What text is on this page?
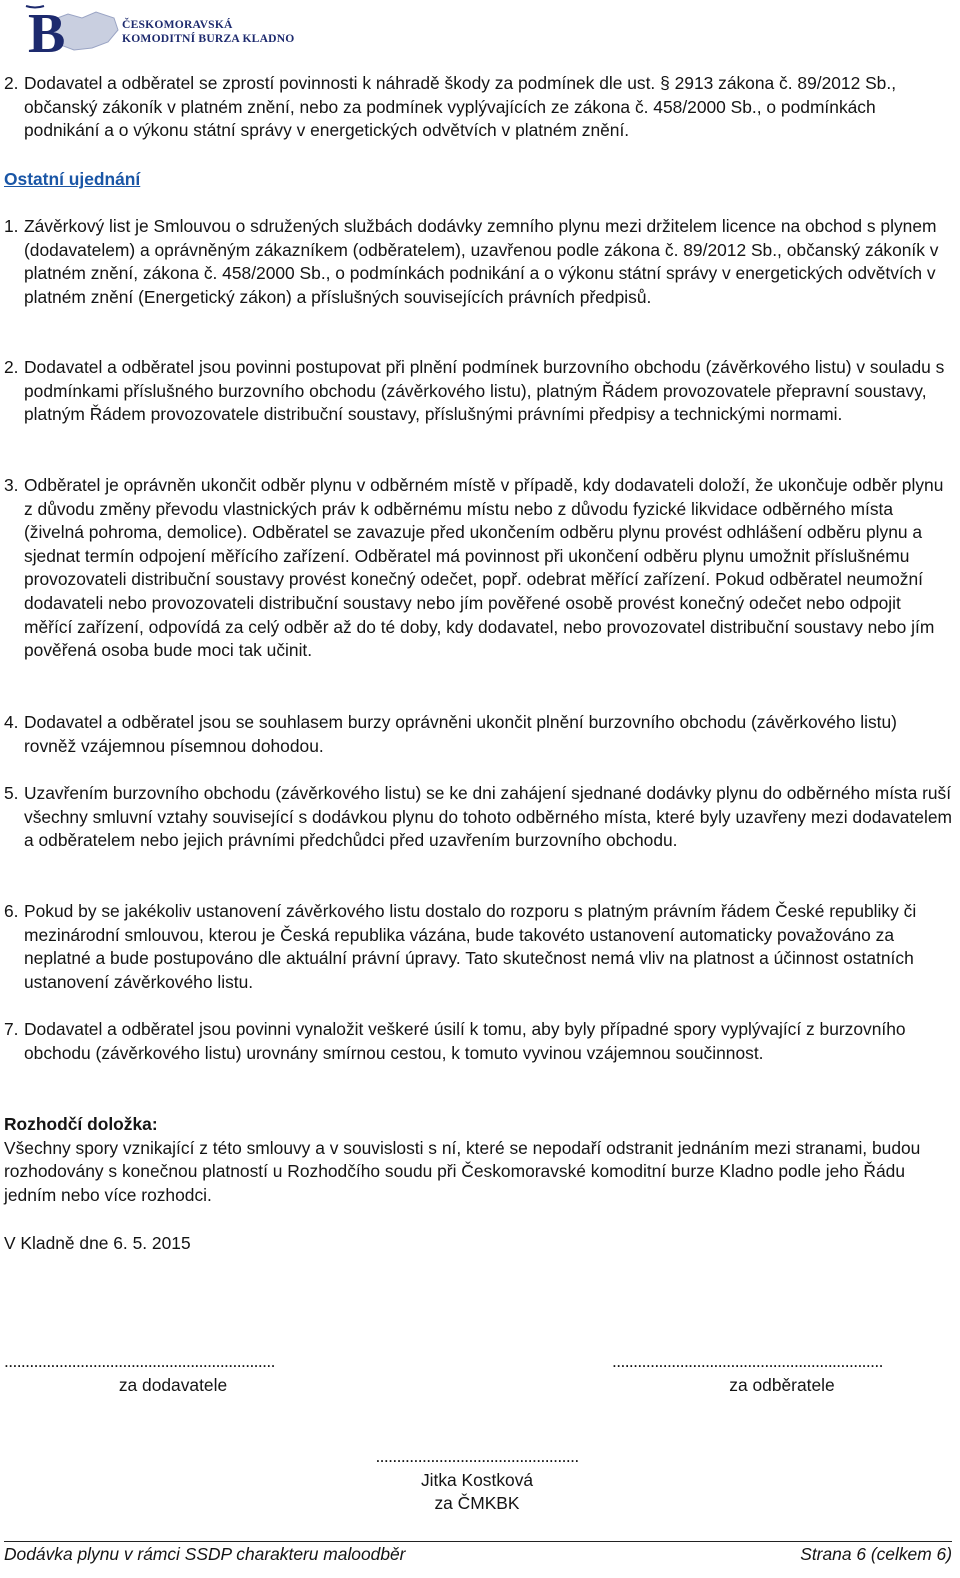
B	ČESKOMORAVSKÁ
KOMODITNÍ BURZA KLADNO
2. Dodavatel a odběratel se zprostí povinnosti k náhradě škody za podmínek dle ust. § 2913 zákona č. 89/2012 Sb., občanský zákoník v platném znění, nebo za podmínek vyplývajících ze zákona č. 458/2000 Sb., o podmínkách podnikání a o výkonu státní správy v energetických odvětvích v platném znění.
Ostatní ujednání
1. Závěrkový list je Smlouvou o sdružených službách dodávky zemního plynu mezi držitelem licence na obchod s plynem (dodavatelem) a oprávněným zákazníkem (odběratelem), uzavřenou podle zákona č. 89/2012 Sb., občanský zákoník v platném znění, zákona č. 458/2000 Sb., o podmínkách podnikání a o výkonu státní správy v energetických odvětvích v platném znění (Energetický zákon) a příslušných souvisejících právních předpisů.
2. Dodavatel a odběratel jsou povinni postupovat při plnění podmínek burzovního obchodu (závěrkového listu) v souladu s podmínkami příslušného burzovního obchodu (závěrkového listu), platným Řádem provozovatele přepravní soustavy, platným Řádem provozovatele distribuční soustavy, příslušnými právními předpisy a technickými normami.
3. Odběratel je oprávněn ukončit odběr plynu v odběrném místě v případě, kdy dodavateli doloží, že ukončuje odběr plynu z důvodu změny převodu vlastnických práv k odběrnému místu nebo z důvodu fyzické likvidace odběrného místa (živelná pohroma, demolice). Odběratel se zavazuje před ukončením odběru plynu provést odhlášení odběru plynu a sjednat termín odpojení měřícího zařízení. Odběratel má povinnost při ukončení odběru plynu umožnit příslušnému provozovateli distribuční soustavy provést konečný odečet, popř. odebrat měřící zařízení. Pokud odběratel neumožní dodavateli nebo provozovateli distribuční soustavy nebo jím pověřené osobě provést konečný odečet nebo odpojit měřící zařízení, odpovídá za celý odběr až do té doby, kdy dodavatel, nebo provozovatel distribuční soustavy nebo jím pověřená osoba bude moci tak učinit.
4. Dodavatel a odběratel jsou se souhlasem burzy oprávněni ukončit plnění burzovního obchodu (závěrkového listu) rovněž vzájemnou písemnou dohodou.
5. Uzavřením burzovního obchodu (závěrkového listu) se ke dni zahájení sjednané dodávky plynu do odběrného místa ruší všechny smluvní vztahy související s dodávkou plynu do tohoto odběrného místa, které byly uzavřeny mezi dodavatelem a odběratelem nebo jejich právními předchůdci před uzavřením burzovního obchodu.
6. Pokud by se jakékoliv ustanovení závěrkového listu dostalo do rozporu s platným právním řádem České republiky či mezinárodní smlouvou, kterou je Česká republika vázána, bude takovéto ustanovení automaticky považováno za neplatné a bude postupováno dle aktuální právní úpravy. Tato skutečnost nemá vliv na platnost a účinnost ostatních ustanovení závěrkového listu.
7. Dodavatel a odběratel jsou povinni vynaložit veškeré úsilí k tomu, aby byly případné spory vyplývající z burzovního obchodu (závěrkového listu) urovnány smírnou cestou, k tomuto vyvinou vzájemnou součinnost.
Rozhodčí doložka:
Všechny spory vznikající z této smlouvy a v souvislosti s ní, které se nepodaří odstranit jednáním mezi stranami, budou rozhodovány s konečnou platností u Rozhodčího soudu při Českomoravské komoditní burze Kladno podle jeho Řádu jedním nebo více rozhodci.
V Kladně dne 6. 5. 2015
................................................................
za dodavatele
................................................................
za odběratele
................................................
Jitka Kostková
za ČMKBK
Dodávka plynu v rámci SSDP charakteru maloodběr	Strana 6 (celkem 6)
